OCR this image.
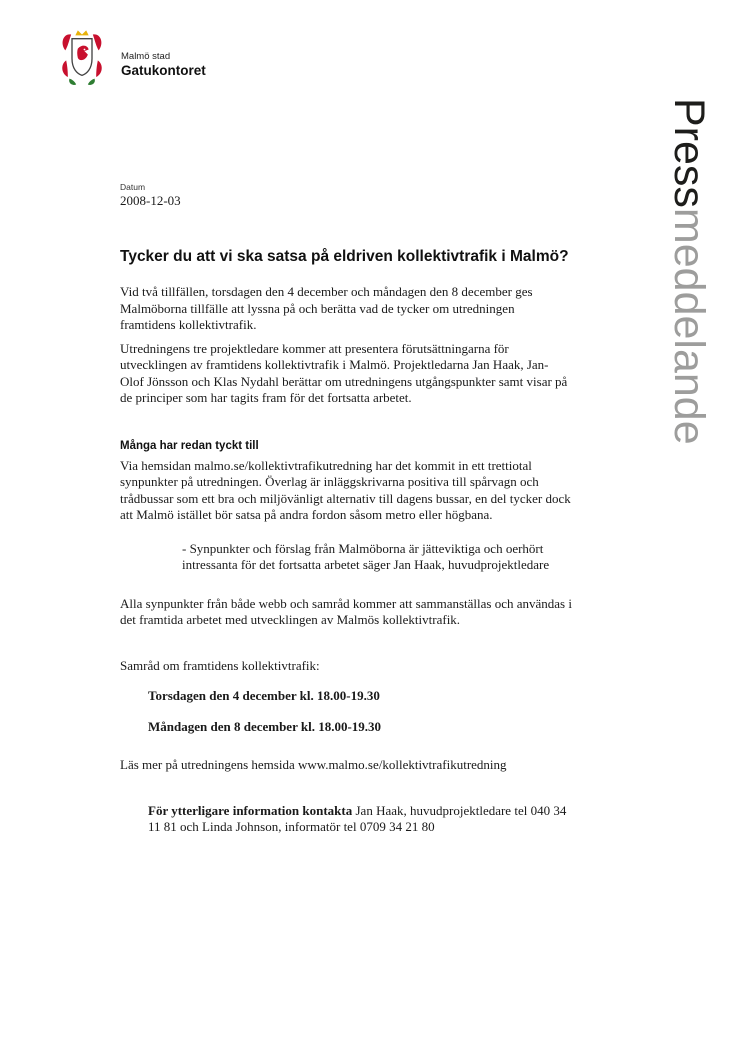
Malmö stad
Gatukontoret
Pressmeddelande
Datum
2008-12-03
Tycker du att vi ska satsa på eldriven kollektivtrafik i Malmö?

Vid två tillfällen, torsdagen den 4 december och måndagen den 8 december ges Malmöborna tillfälle att lyssna på och berätta vad de tycker om utredningen framtidens kollektivtrafik.

Utredningens tre projektledare kommer att presentera förutsättningarna för utvecklingen av framtidens kollektivtrafik i Malmö. Projektledarna Jan Haak, Jan-Olof Jönsson och Klas Nydahl berättar om utredningens utgångspunkter samt visar på de principer som har tagits fram för det fortsatta arbetet.

Många har redan tyckt till

Via hemsidan malmo.se/kollektivtrafikutredning har det kommit in ett trettiotal synpunkter på utredningen. Överlag är inläggskrivarna positiva till spårvagn och trådbussar som ett bra och miljövänligt alternativ till dagens bussar, en del tycker dock att Malmö istället bör satsa på andra fordon såsom metro eller högbana.

- Synpunkter och förslag från Malmöborna är jätteviktiga och oerhört intressanta för det fortsatta arbetet säger Jan Haak, huvudprojektledare

Alla synpunkter från både webb och samråd kommer att sammanställas och användas i det framtida arbetet med utvecklingen av Malmös kollektivtrafik.

Samråd om framtidens kollektivtrafik:

Torsdagen den 4 december kl. 18.00-19.30

Måndagen den 8 december kl. 18.00-19.30

Läs mer på utredningens hemsida www.malmo.se/kollektivtrafikutredning

För ytterligare information kontakta Jan Haak, huvudprojektledare tel 040 34 11 81 och Linda Johnson, informatör tel 0709 34 21 80
